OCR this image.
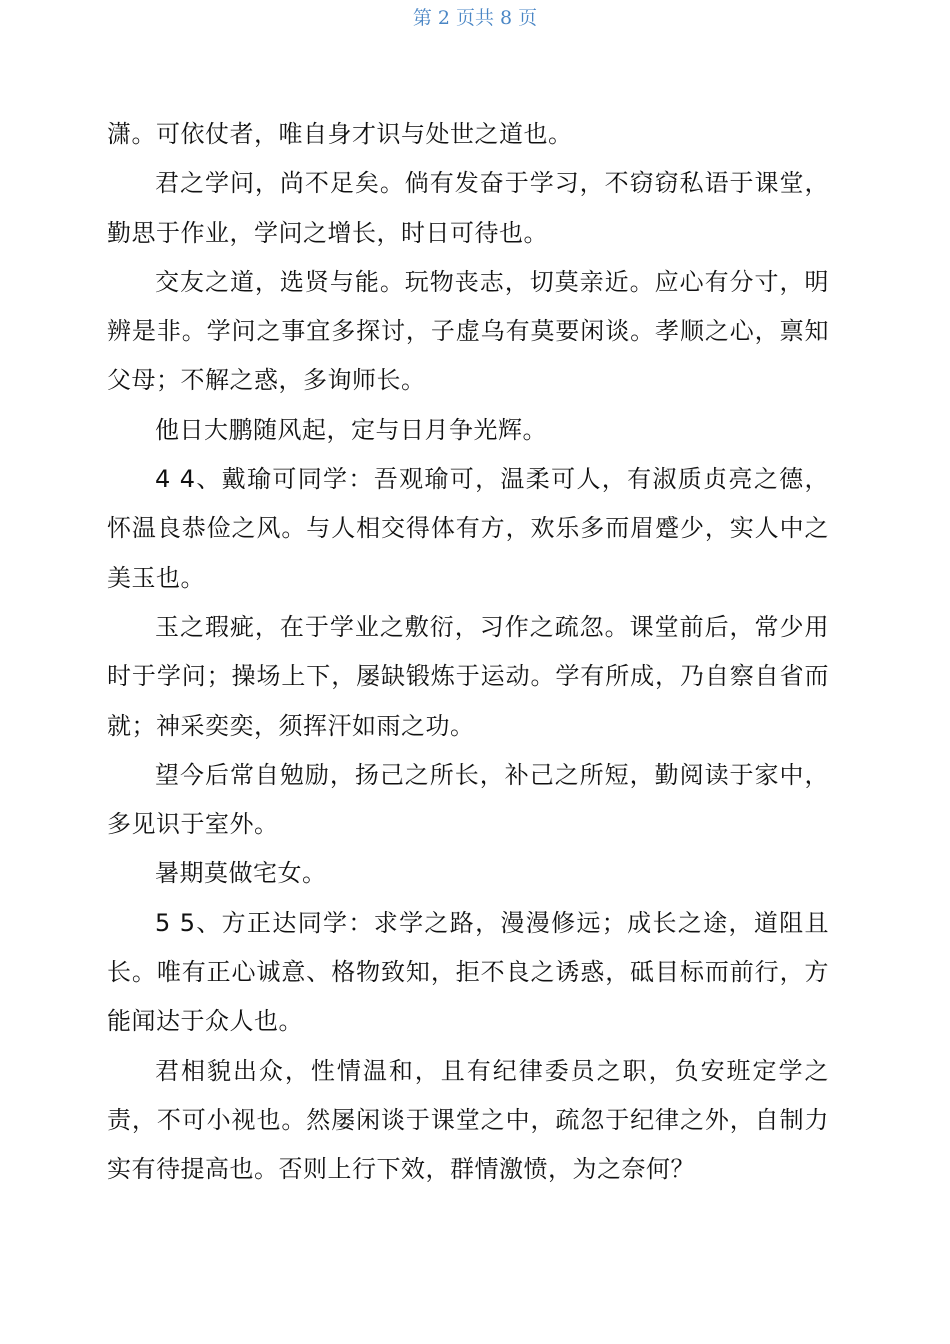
第 2 页共 8 页

潇。可依仗者，唯自身才识与处世之道也。

君之学问，尚不足矣。倘有发奋于学习，不窃窃私语于课堂，勤思于作业，学问之增长，时日可待也。

交友之道，选贤与能。玩物丧志，切莫亲近。应心有分寸，明辨是非。学问之事宜多探讨，子虚乌有莫要闲谈。孝顺之心，禀知父母；不解之惑，多询师长。

他日大鹏随风起，定与日月争光辉。

4 4、戴瑜可同学：吾观瑜可，温柔可人，有淑质贞亮之德，怀温良恭俭之风。与人相交得体有方，欢乐多而眉蹙少，实人中之美玉也。

玉之瑕疵，在于学业之敷衍，习作之疏忽。课堂前后，常少用时于学问；操场上下，屡缺锻炼于运动。学有所成，乃自察自省而就；神采奕奕，须挥汗如雨之功。

望今后常自勉励，扬己之所长，补己之所短，勤阅读于家中，多见识于室外。

暑期莫做宅女。

5 5、方正达同学：求学之路，漫漫修远；成长之途，道阻且长。唯有正心诚意、格物致知，拒不良之诱惑，砥目标而前行，方能闻达于众人也。

君相貌出众，性情温和，且有纪律委员之职，负安班定学之责，不可小视也。然屡闲谈于课堂之中，疏忽于纪律之外，自制力实有待提高也。否则上行下效，群情激愤，为之奈何？
